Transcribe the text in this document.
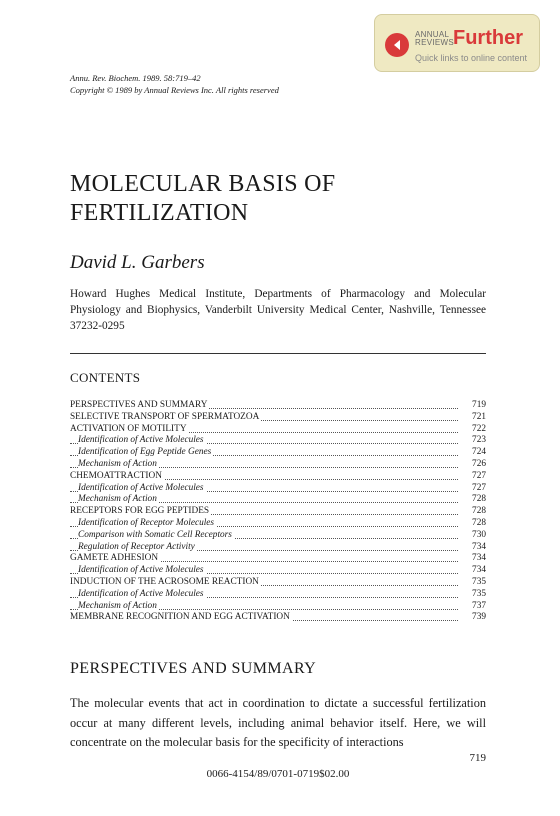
ANNUAL
REVIEWS Further
Quick links to online content
Annu. Rev. Biochem. 1989. 58:719–42
Copyright © 1989 by Annual Reviews Inc. All rights reserved
MOLECULAR BASIS OF
FERTILIZATION
David L. Garbers
Howard Hughes Medical Institute, Departments of Pharmacology and Molecular Physiology and Biophysics, Vanderbilt University Medical Center, Nashville, Tennessee 37232-0295
CONTENTS
PERSPECTIVES AND SUMMARY	719
SELECTIVE TRANSPORT OF SPERMATOZOA	721
ACTIVATION OF MOTILITY	722
Identification of Active Molecules	723
Identification of Egg Peptide Genes	724
Mechanism of Action	726
CHEMOATTRACTION	727
Identification of Active Molecules	727
Mechanism of Action	728
RECEPTORS FOR EGG PEPTIDES	728
Identification of Receptor Molecules	728
Comparison with Somatic Cell Receptors	730
Regulation of Receptor Activity	734
GAMETE ADHESION	734
Identification of Active Molecules	734
INDUCTION OF THE ACROSOME REACTION	735
Identification of Active Molecules	735
Mechanism of Action	737
MEMBRANE RECOGNITION AND EGG ACTIVATION	739
PERSPECTIVES AND SUMMARY
The molecular events that act in coordination to dictate a successful fertilization occur at many different levels, including animal behavior itself. Here, we will concentrate on the molecular basis for the specificity of interactions
719
0066-4154/89/0701-0719$02.00
